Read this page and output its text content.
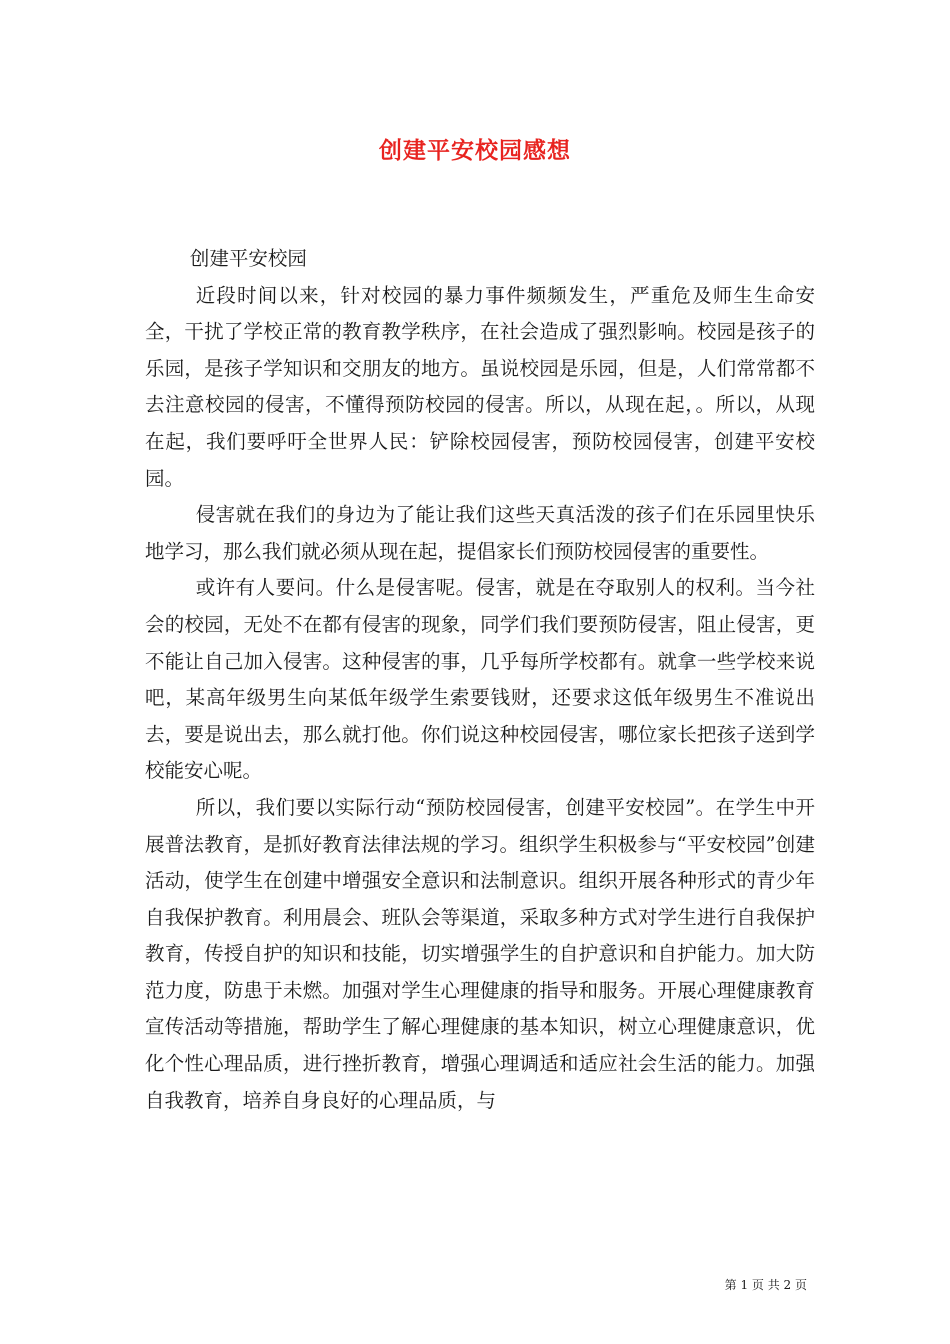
创建平安校园感想

创建平安校园

近段时间以来，针对校园的暴力事件频频发生，严重危及师生生命安全，干扰了学校正常的教育教学秩序，在社会造成了强烈影响。校园是孩子的乐园，是孩子学知识和交朋友的地方。虽说校园是乐园，但是，人们常常都不去注意校园的侵害，不懂得预防校园的侵害。所以，从现在起，。所以，从现在起，我们要呼吁全世界人民：铲除校园侵害，预防校园侵害，创建平安校园。

侵害就在我们的身边为了能让我们这些天真活泼的孩子们在乐园里快乐地学习，那么我们就必须从现在起，提倡家长们预防校园侵害的重要性。

或许有人要问。什么是侵害呢。侵害，就是在夺取别人的权利。当今社会的校园，无处不在都有侵害的现象，同学们我们要预防侵害，阻止侵害，更不能让自己加入侵害。这种侵害的事，几乎每所学校都有。就拿一些学校来说吧，某高年级男生向某低年级学生索要钱财，还要求这低年级男生不准说出去，要是说出去，那么就打他。你们说这种校园侵害，哪位家长把孩子送到学校能安心呢。

所以，我们要以实际行动“预防校园侵害，创建平安校园”。在学生中开展普法教育，是抓好教育法律法规的学习。组织学生积极参与“平安校园”创建活动，使学生在创建中增强安全意识和法制意识。组织开展各种形式的青少年自我保护教育。利用晨会、班队会等渠道，采取多种方式对学生进行自我保护教育，传授自护的知识和技能，切实增强学生的自护意识和自护能力。加大防范力度，防患于未燃。加强对学生心理健康的指导和服务。开展心理健康教育宣传活动等措施，帮助学生了解心理健康的基本知识，树立心理健康意识，优化个性心理品质，进行挫折教育，增强心理调适和适应社会生活的能力。加强自我教育，培养自身良好的心理品质，与

第 1 页 共 2 页
